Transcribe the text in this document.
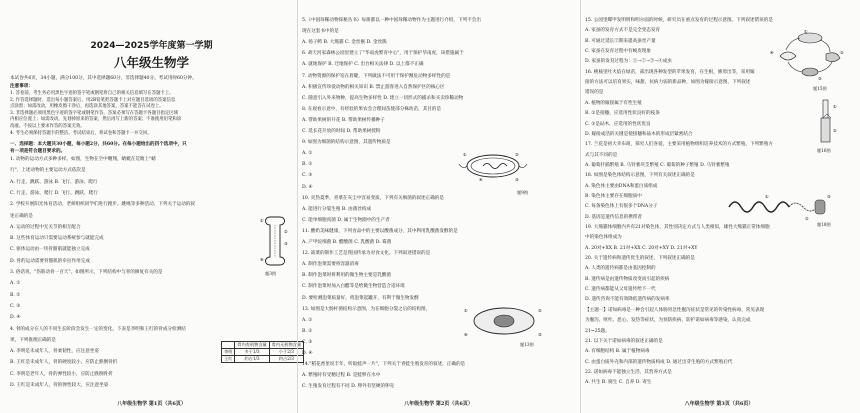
2024—2025学年度第一学期
八年级生物学
本试卷共6页，34小题，满分100分，其中选择题60分，非选择题40分。考试用时60分钟。
注意事项：
1. 答卷前，考生务必用黑色字迹的签字笔或钢笔将自己的相关信息填写在答题卡上。
2. 作答选择题时，选出每小题答案后，用2B铅笔把答题卡上对应题目选项的答案信息
点涂黑；如需改动，用橡皮擦干净后，再选涂其他答案，答案不能答在试卷上。
3. 非选择题必须用黑色字迹的签字笔或钢笔作答，答案必须写在答题卡各题目指定区域
内相应位置上；如需改动，先划掉原来的答案，然后再写上新的答案；不准使用铅笔和涂
改液。不按以上要求作答的答案无效。
4. 考生必须保持答题卡的整洁。考试结束后，将试卷和答题卡一并交回。
一、选择题：本大题共30小题，每小题2分，共60分。在每小题给出的四个选项中，只
有一项是符合题目要求的。
1. 动物的运动方式多种多样。如图，生物在空中翱翔，蜻蜓在荒塘上"蜻
行"，上述动物的主要运动方式依次是
A. 行走、跳跃、游泳 B. 飞行、游泳、爬行
C. 行走、游泳、爬行 D. 飞行、跳跃、爬行
2. 学校开展阳光体育活动，老师组织同学们进行跑步。跳绳等多种活动。下列关于运动的叙
述正确的是
A. 运动的过程中无关节的相互配合
B. 这些体育运动只需要运动系统参与就能完成
C. 驱体运动由一块骨骼肌就能独立完成
D. 骨的运动需要骨骼肌的牵拉作用完成
3. 俗话说，"伤筋动骨一百天"。如图所示，下列结构中与骨的修复有关的是
A. ①
B. ②
C. ③
D. ④
4. 骨的成分在人的不同生长阶段会发生一定的变化。下表是李明和王红的骨成分检测结
果，下列推理正确的是
A. 李明是未成年人，骨柔韧性，应注意坐姿
B. 王红是未成年人，骨的硬度较小，应防止跌倒骨折
C. 李明是老年人，骨的弹性较小，应防止跌倒骨折
D. 王红是未成年人，骨的弹性较大，应注意坐姿
①
②
③
④
题3图
	骨内有机物含量	骨内无机物含量
李明	多于1/3	小于2/3
王红	约占1/3	约占2/3
八年级生物学 第1页（共6页）
5.《中国珍稀动物探秘丛书》每册都以一种中国珍稀动物作为主题进行介绍，下列不会出
现在这套书中的是
A. 扬子鳄 B. 大熊猫 C. 金丝猴 D. 金丝熊
6. 胡天河家森林公园里建立了"华南虎繁育中心"，用于保护华南虎，该措施属于
A. 就地保护 B. 迁地保护 C. 出台相关法律 D. 以上都不正确
7. 动物资源的保护迫在眉睫，下列做法不可用于保护濒危动物多样性的是
A. 积极宣传珍爱动物的相关知识 B. 禁止游客进入自然保护区的核心区
C. 随意引入外来物种，提高生物多样性 D. 建立一切形式的捕杀和买卖珍稀动物
8. 在观看示意中，有经验的果农会合理间苗使部分株幼苗，其目的是
A. 帮助果树的开花 B. 帮助果树传播种子
C. 延长花开放的时间 D. 帮助果树授粉
9. 如图为细菌的结构示意图，其遗传物质是
A. ①
B. ②
C. ③
D. ④
10. 炎热夏季，青菜在灰尘中容易变质，下列有关细菌的叙述正确的是
A. 能进行分裂生殖 B. 由菌丝构成
C. 能单细胞真菌 D. 属于生物圈中的生产者
11. 酸奶美味健康，下列食品中的主要以酸菌成分，其中利用乳酸菌发酵的是
A. 产甲烷细菌 B. 醋酸菌 C. 乳酸菌 D. 霉菌
12. 战菜的制作工艺是我国传承为对食文化，下列叙述错误的是
A. 制作泡菜需要将容器消毒
B. 制作泡菜时将利用的微生物主要是乳酸菌
C. 制作泡菜时加入白醋等是给微生物营造合适环境
D. 要检测泡菜质量好，将泡菜起罐开，有利于微生物发酵
13. 如图是大肠杆菌结构示意图，为在细胞分裂之后的结构图，
A. ①
B. ②
C. ③
D. ④
14."稻花香里说丰年，听取蛙声一片"，下列关于青蛙生殖发育的叙述，正确的是
A. 繁殖时有受精过程 B. 是蛙卵在水中
C. 生殖发育过程有不同 D. 卵外有坚硬的卵壳
①	②
③
④
题9图
①	②
③
④
题13图
八年级生物学 第2页（共6页）
15. 公园里蝶甲发明明和明尔面的时候，研究员在重点发育的过程示意图。下列叙述错误的是
A. 家蚕的发育方式不是完全变态发育
B. 可通过延长②期来提高蚕丝产量
C. 家蚕在发育过程中有蜕皮现象
D. 家蚕的发育过程为：①→②→③→④成虫
16. 桃核里吐火焰在绿苗，部出现各种发型的苹果发育，在生根，修剪出等，采用嫁
接的方法可以培育果实，味甜，抗病力弱的新品种，如图为嫁接示意图，下列叙述
错误的是
A. 植物的嫁接属于有性生殖
B. ①是接穗，应选用性状良好的枝条
C. ②是砧木，应选用的性状优良
D. 嫁接成活的关键是使接穗和砧木的形成层紧密结合
17. 兰花是初大幸布商，探究人们喜爱，主要采用植物组织培养技术的方式繁殖，下列繁殖方
式与其不同的是
A. 葡萄扦插繁殖 B. 马铃薯块茎繁殖 C. 葡萄的种子繁殖 D. 马铃薯繁殖
18. 如图是染色体结构示意图，下列有关叙述正确的是
A. 染色体主要由DNA和蛋白质组成
B. 染色体主要存在细胞质中
C. 每条染色体上有很多个DNA分子
D. 基因是遗传信息的携带者
19. 大熊猫体细胞内共有21对染色体，其性别决定方式与人类相似，雄性大熊猫正常体细胞
中的染色体组成为
A. 20对+XX B. 21对+XX C. 20对+XY D. 21对+XY
20. 关于遗传病和遗传优生的叙述，下列叙述正确的是
A. 人类的遗传病都是由基因控制的
B. 遗传病是由遗传物质改变而引起的疾病
C. 遗传病都能从父母遗传给下一代
D. 遗传咨询不能有效降低遗传病的发病率
【主题一】诺如病毒是一种会引起人体肠胃急性腹泻症状是常见的传染性病毒，常见表现
为腹泻、呕吐、恶心、发热等症状，为预防疾病，防护诺如病毒等感染，认真完成
21~25题。
21. 以下关于诺如病毒的叙述正确的是
A. 有细胞结构 B. 属于植物病毒
C. 由蛋白质外壳和内部的遗传物质构成 D. 通过出芽生殖的方式繁殖后代
22. 诺如病毒不能独立生活，其营养方式是
A. 共生 B. 腐生 C. 自养 D. 寄生
①
②
③
④
题15图
①
②
题16图
①
②
③
题18图
八年级生物学 第3页（共6页）
